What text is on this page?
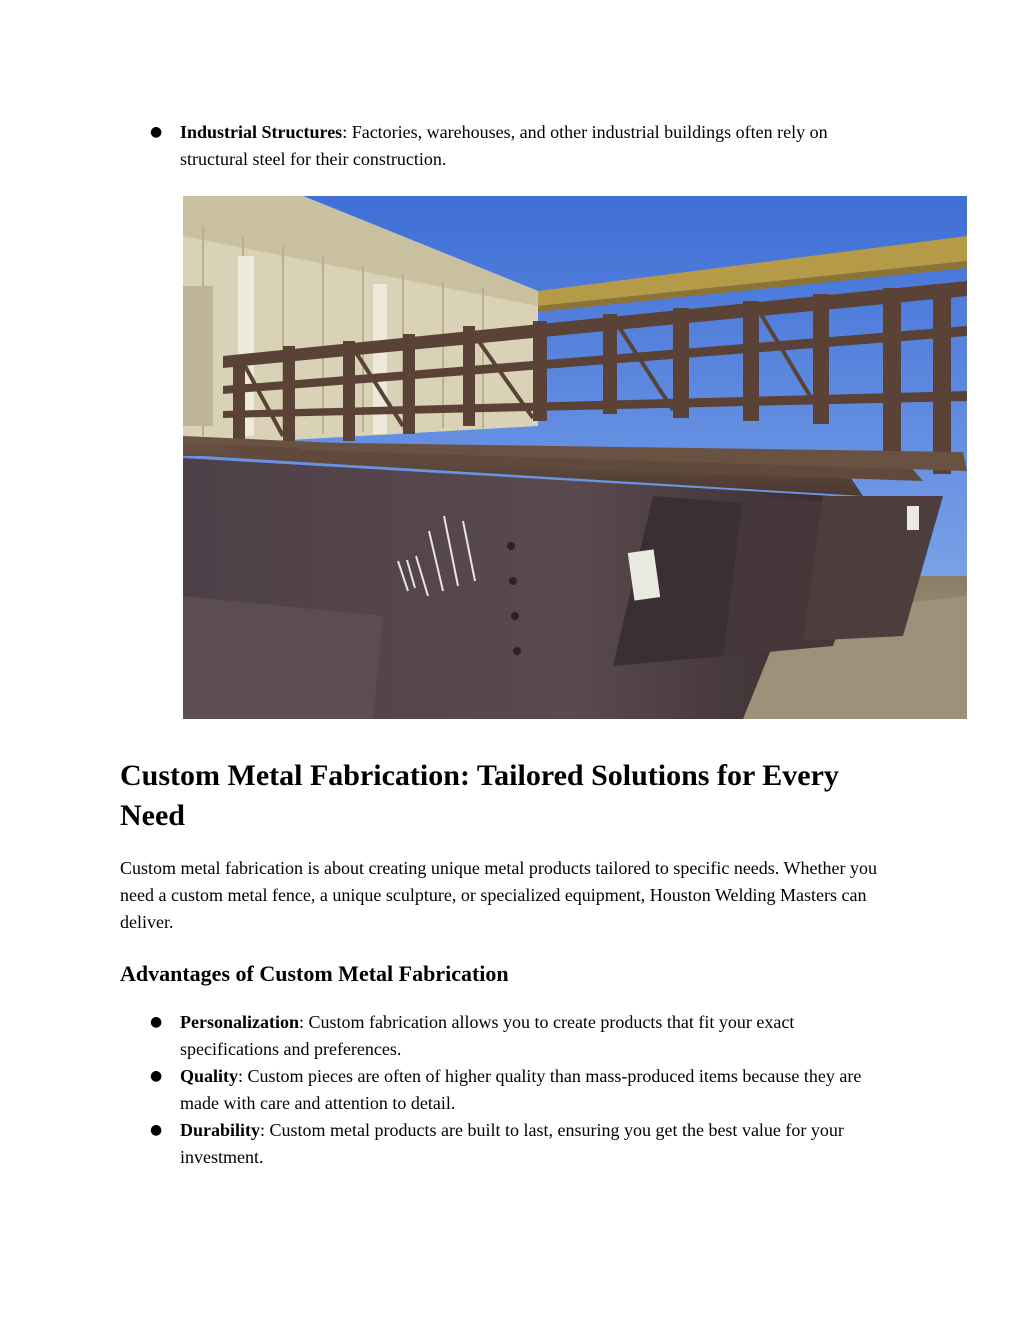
● Industrial Structures: Factories, warehouses, and other industrial buildings often rely on structural steel for their construction.
Custom Metal Fabrication: Tailored Solutions for Every Need

Custom metal fabrication is about creating unique metal products tailored to specific needs. Whether you need a custom metal fence, a unique sculpture, or specialized equipment, Houston Welding Masters can deliver.

Advantages of Custom Metal Fabrication
● Personalization: Custom fabrication allows you to create products that fit your exact specifications and preferences.
● Quality: Custom pieces are often of higher quality than mass-produced items because they are made with care and attention to detail.
● Durability: Custom metal products are built to last, ensuring you get the best value for your investment.
